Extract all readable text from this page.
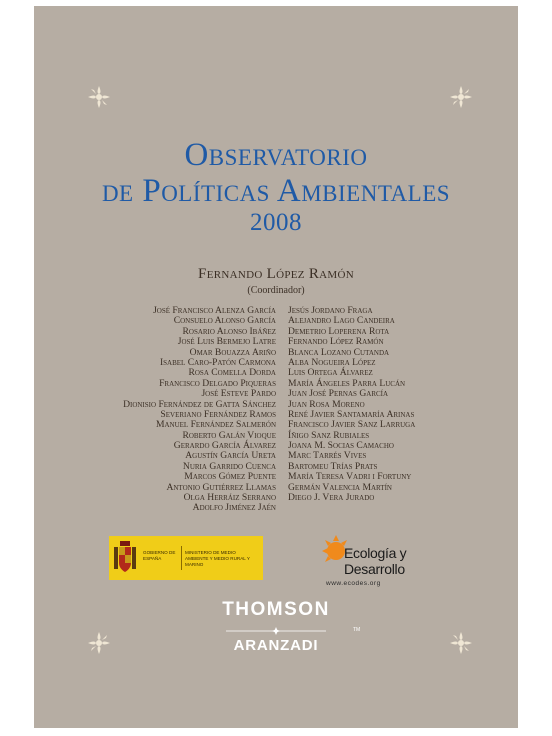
Observatorio
de Políticas Ambientales
2008
Fernando López Ramón
(Coordinador)
José Francisco Alenza García
Consuelo Alonso García
Rosario Alonso Ibáñez
José Luis Bermejo Latre
Omar Bouazza Ariño
Isabel Caro-Patón Carmona
Rosa Comella Dorda
Francisco Delgado Piqueras
José Esteve Pardo
Dionisio Fernández de Gatta Sánchez
Severiano Fernández Ramos
Manuel Fernández Salmerón
Roberto Galán Vioque
Gerardo García Álvarez
Agustín García Ureta
Nuria Garrido Cuenca
Marcos Gómez Puente
Antonio Gutiérrez Llamas
Olga Herráiz Serrano
Adolfo Jiménez Jaén
Jesús Jordano Fraga
Alejandro Lago Candeira
Demetrio Loperena Rota
Fernando López Ramón
Blanca Lozano Cutanda
Alba Nogueira López
Luis Ortega Álvarez
María Ángeles Parra Lucán
Juan José Pernas García
Juan Rosa Moreno
René Javier Santamaría Arinas
Francisco Javier Sanz Larruga
Íñigo Sanz Rubiales
Joana M. Socias Camacho
Marc Tarrés Vives
Bartomeu Trías Prats
María Teresa Vadri i Fortuny
Germán Valencia Martín
Diego J. Vera Jurado
GOBIERNO DE ESPAÑA
MINISTERIO DE MEDIO AMBIENTE Y MEDIO RURAL Y MARINO
Ecología y
Desarrollo
www.ecodes.org
THOMSON
TM
ARANZADI
